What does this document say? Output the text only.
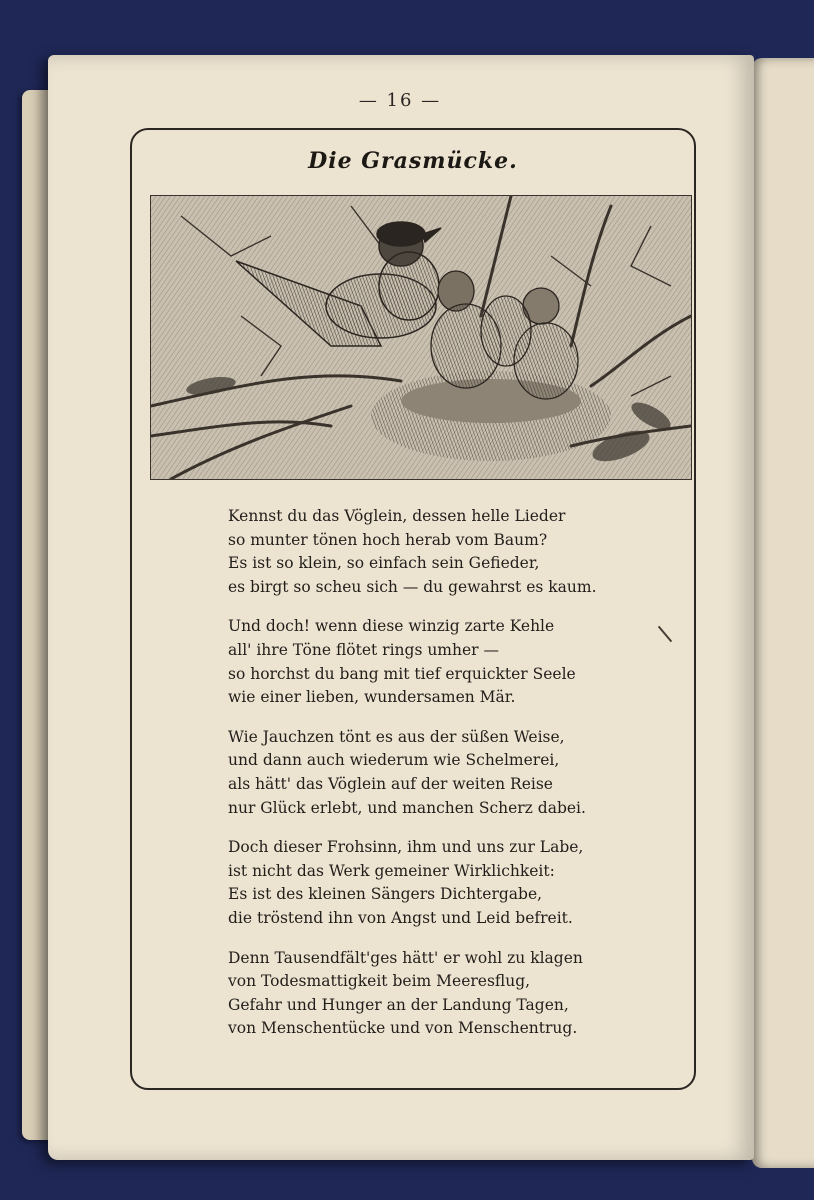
— 16 —
Die Grasmücke.
Kennst du das Vöglein, dessen helle Lieder
so munter tönen hoch herab vom Baum?
Es ist so klein, so einfach sein Gefieder,
es birgt so scheu sich — du gewahrst es kaum.
Und doch! wenn diese winzig zarte Kehle
all' ihre Töne flötet rings umher —
so horchst du bang mit tief erquickter Seele
wie einer lieben, wundersamen Mär.
Wie Jauchzen tönt es aus der süßen Weise,
und dann auch wiederum wie Schelmerei,
als hätt' das Vöglein auf der weiten Reise
nur Glück erlebt, und manchen Scherz dabei.
Doch dieser Frohsinn, ihm und uns zur Labe,
ist nicht das Werk gemeiner Wirklichkeit:
Es ist des kleinen Sängers Dichtergabe,
die tröstend ihn von Angst und Leid befreit.
Denn Tausendfält'ges hätt' er wohl zu klagen
von Todesmattigkeit beim Meeresflug,
Gefahr und Hunger an der Landung Tagen,
von Menschentücke und von Menschentrug.
